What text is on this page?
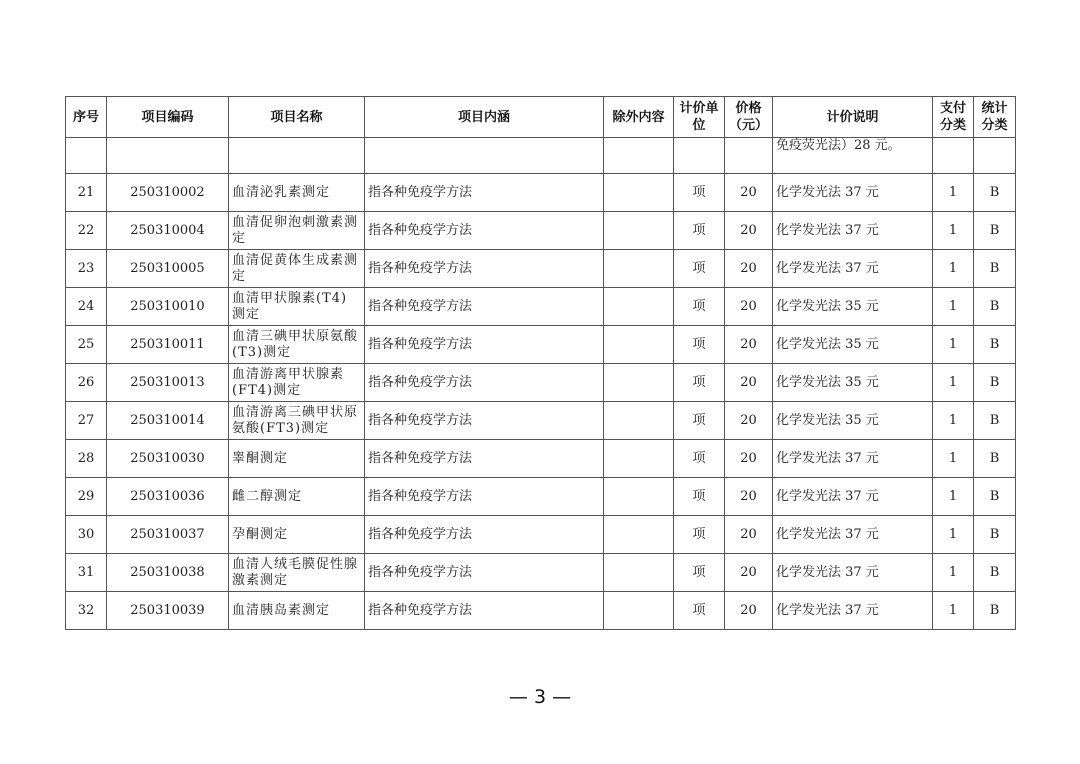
序号	项目编码	项目名称	项目内涵	除外内容	计价单位	价格（元）	计价说明	支付分类	统计分类
							免疫荧光法）28 元。		
21	250310002	血清泌乳素测定	指各种免疫学方法		项	20	化学发光法 37 元	1	B
22	250310004	血清促卵泡刺激素测定	指各种免疫学方法		项	20	化学发光法 37 元	1	B
23	250310005	血清促黄体生成素测定	指各种免疫学方法		项	20	化学发光法 37 元	1	B
24	250310010	血清甲状腺素(T4)测定	指各种免疫学方法		项	20	化学发光法 35 元	1	B
25	250310011	血清三碘甲状原氨酸(T3)测定	指各种免疫学方法		项	20	化学发光法 35 元	1	B
26	250310013	血清游离甲状腺素(FT4)测定	指各种免疫学方法		项	20	化学发光法 35 元	1	B
27	250310014	血清游离三碘甲状原氨酸(FT3)测定	指各种免疫学方法		项	20	化学发光法 35 元	1	B
28	250310030	睾酮测定	指各种免疫学方法		项	20	化学发光法 37 元	1	B
29	250310036	雌二醇测定	指各种免疫学方法		项	20	化学发光法 37 元	1	B
30	250310037	孕酮测定	指各种免疫学方法		项	20	化学发光法 37 元	1	B
31	250310038	血清人绒毛膜促性腺激素测定	指各种免疫学方法		项	20	化学发光法 37 元	1	B
32	250310039	血清胰岛素测定	指各种免疫学方法		项	20	化学发光法 37 元	1	B
— 3 —
